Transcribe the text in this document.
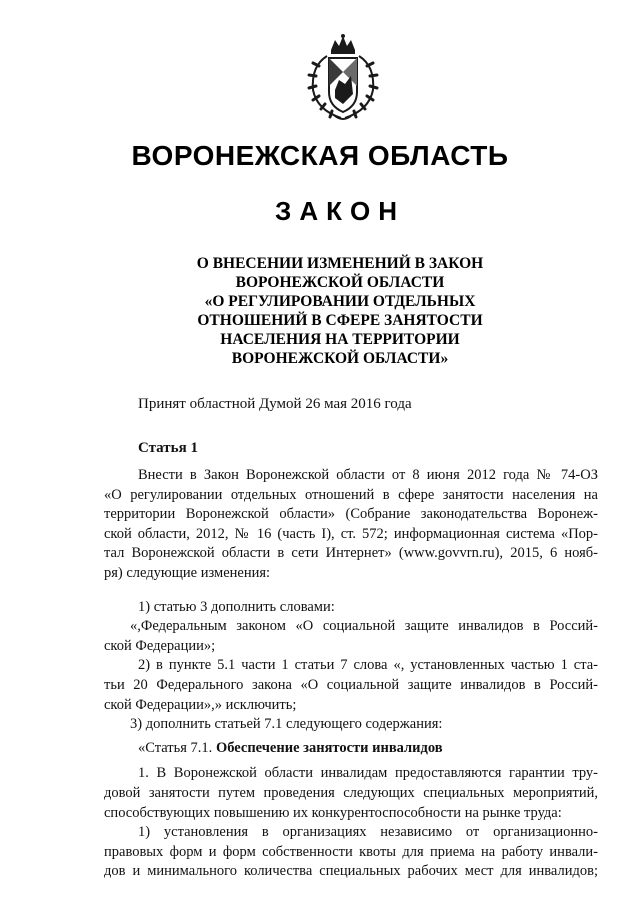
ВОРОНЕЖСКАЯ ОБЛАСТЬ
ЗАКОН
О ВНЕСЕНИИ ИЗМЕНЕНИЙ В ЗАКОН
ВОРОНЕЖСКОЙ ОБЛАСТИ
«О РЕГУЛИРОВАНИИ ОТДЕЛЬНЫХ
ОТНОШЕНИЙ В СФЕРЕ ЗАНЯТОСТИ
НАСЕЛЕНИЯ НА ТЕРРИТОРИИ
ВОРОНЕЖСКОЙ ОБЛАСТИ»
Принят областной Думой 26 мая 2016 года
Статья 1
Внести в Закон Воронежской области от 8 июня 2012 года № 74-ОЗ
«О регулировании отдельных отношений в сфере занятости населения на
территории Воронежской области» (Собрание законодательства Воронеж-
ской области, 2012, № 16 (часть I), ст. 572; информационная система «Пор-
тал Воронежской области в сети Интернет» (www.govvrn.ru), 2015, 6 нояб-
ря) следующие изменения:
1) статью 3 дополнить словами:
«,Федеральным законом «О социальной защите инвалидов в Россий-
ской Федерации»;
2) в пункте 5.1 части 1 статьи 7 слова «, установленных частью 1 ста-
тьи 20 Федерального закона «О социальной защите инвалидов в Россий-
ской Федерации»,» исключить;
3) дополнить статьей 7.1 следующего содержания:
«Статья 7.1. Обеспечение занятости инвалидов
1. В Воронежской области инвалидам предоставляются гарантии тру-
довой занятости путем проведения следующих специальных мероприятий,
способствующих повышению их конкурентоспособности на рынке труда:
1) установления в организациях независимо от организационно-
правовых форм и форм собственности квоты для приема на работу инвали-
дов и минимального количества специальных рабочих мест для инвалидов;
